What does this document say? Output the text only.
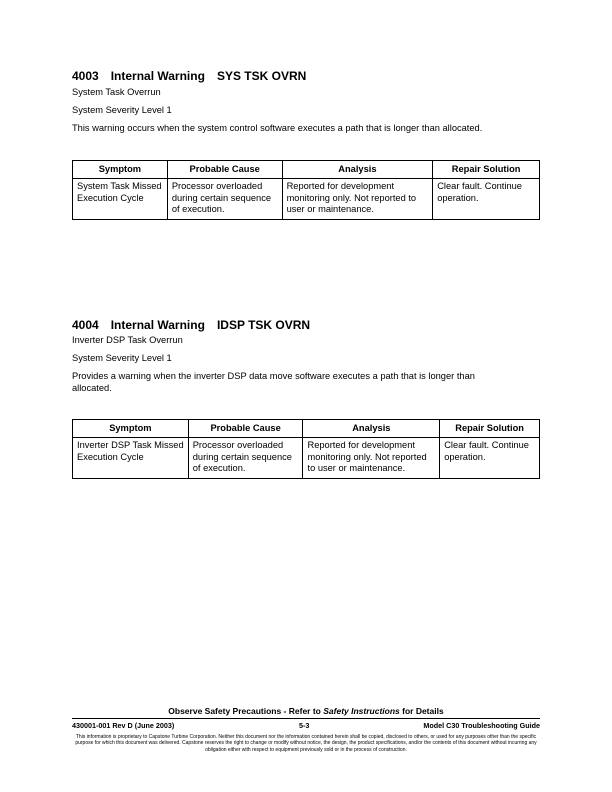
4003 Internal Warning SYS TSK OVRN

System Task Overrun

System Severity Level 1

This warning occurs when the system control software executes a path that is longer than allocated.

Symptom	Probable Cause	Analysis	Repair Solution
System Task Missed Execution Cycle	Processor overloaded during certain sequence of execution.	Reported for development monitoring only. Not reported to user or maintenance.	Clear fault. Continue operation.
4004 Internal Warning IDSP TSK OVRN

Inverter DSP Task Overrun

System Severity Level 1

Provides a warning when the inverter DSP data move software executes a path that is longer than allocated.

Symptom	Probable Cause	Analysis	Repair Solution
Inverter DSP Task Missed Execution Cycle	Processor overloaded during certain sequence of execution.	Reported for development monitoring only. Not reported to user or maintenance.	Clear fault. Continue operation.
Observe Safety Precautions - Refer to Safety Instructions for Details
430001-001 Rev D (June 2003)	5-3	Model C30 Troubleshooting Guide
This information is proprietary to Capstone Turbine Corporation. Neither this document nor the information contained herein shall be copied, disclosed to others, or used for any purposes other than the specific purpose for which this document was delivered. Capstone reserves the right to change or modify without notice, the design, the product specifications, and/or the contents of this document without incurring any obligation either with respect to equipment previously sold or in the process of construction.
